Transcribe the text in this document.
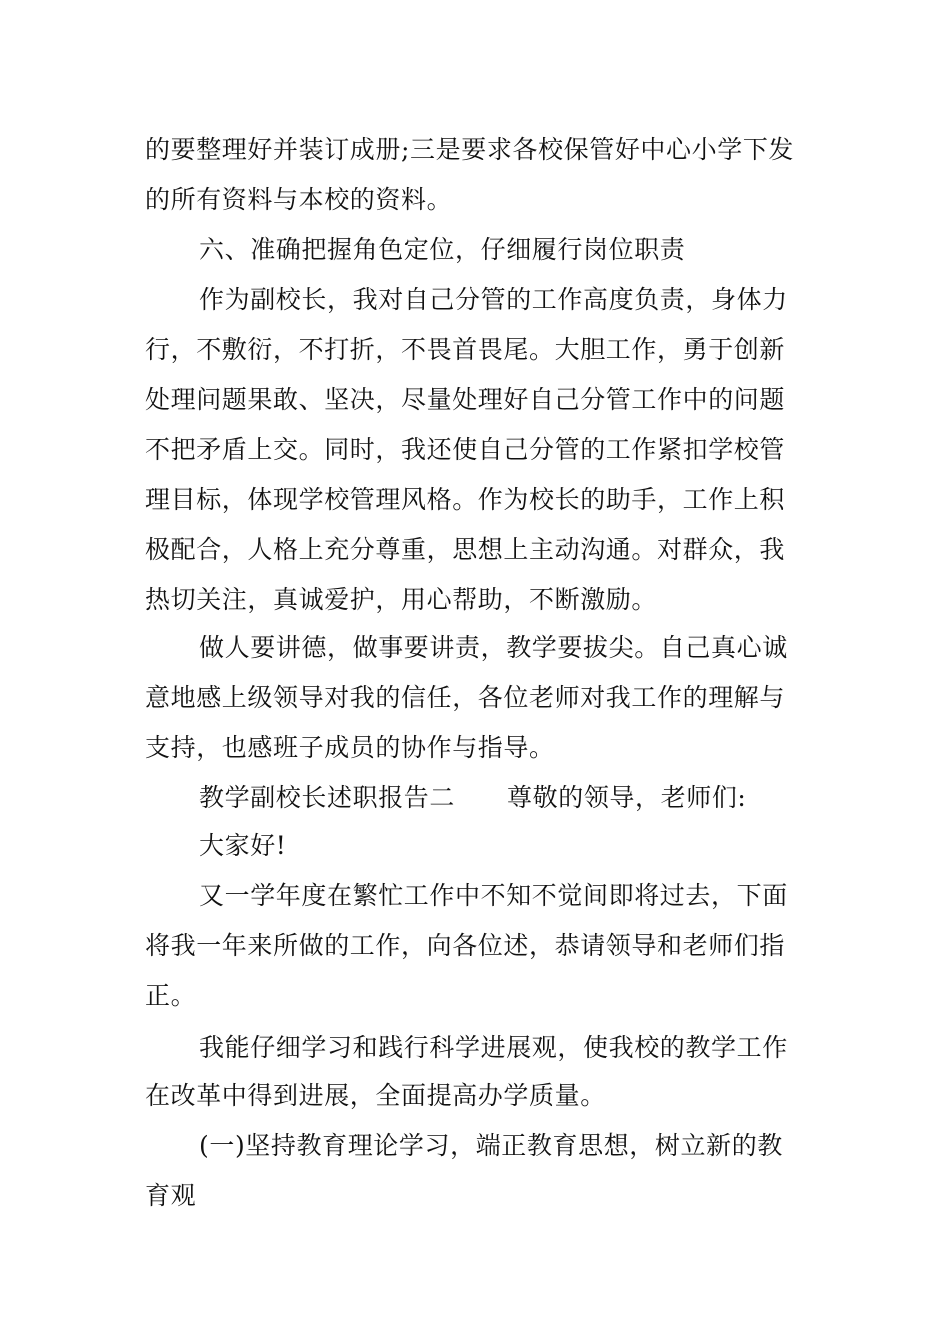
的要整理好并装订成册;三是要求各校保管好中心小学下发
的所有资料与本校的资料。
六、准确把握角色定位，仔细履行岗位职责
作为副校长，我对自己分管的工作高度负责，身体力
行，不敷衍，不打折，不畏首畏尾。大胆工作，勇于创新
处理问题果敢、坚决，尽量处理好自己分管工作中的问题
不把矛盾上交。同时，我还使自己分管的工作紧扣学校管
理目标，体现学校管理风格。作为校长的助手，工作上积
极配合，人格上充分尊重，思想上主动沟通。对群众，我
热切关注，真诚爱护，用心帮助，不断激励。
做人要讲德，做事要讲责，教学要拔尖。自己真心诚
意地感上级领导对我的信任，各位老师对我工作的理解与
支持，也感班子成员的协作与指导。
教学副校长述职报告二 尊敬的领导，老师们:
大家好!
又一学年度在繁忙工作中不知不觉间即将过去，下面
将我一年来所做的工作，向各位述，恭请领导和老师们指
正。
我能仔细学习和践行科学进展观，使我校的教学工作
在改革中得到进展，全面提高办学质量。
(一)坚持教育理论学习，端正教育思想，树立新的教
育观
